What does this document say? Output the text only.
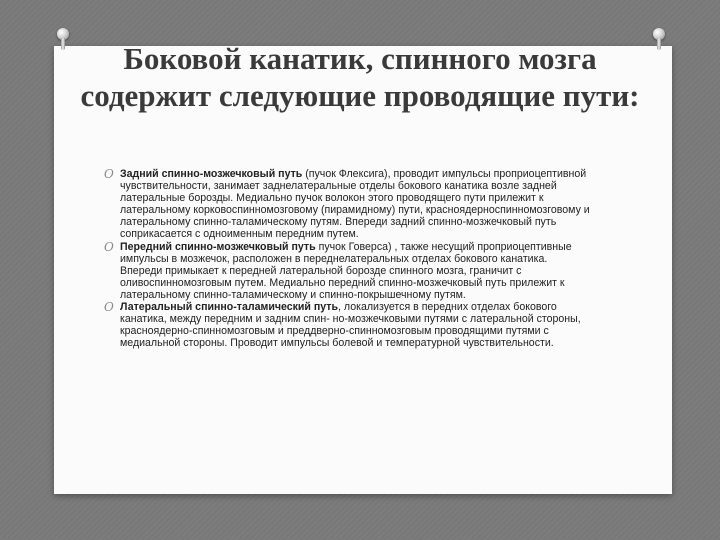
Боковой канатик, спинного мозга содержит следующие проводящие пути:
O Задний спинно-мозжечковый путь (пучок Флексига), проводит импульсы проприоцептивной чувствительности, занимает заднелатеральные отделы бокового канатика возле задней латеральные борозды. Медиально пучок волокон этого проводящего пути прилежит к латеральному корковоспинномозговому (пирамидному) пути, красноядерноспинномозговому и латеральному спинно-таламическому путям. Впереди задний спинно-мозжечковый путь соприкасается с одноименным передним путем.
O Передний спинно-мозжечковый путь пучок Говерса) , также несущий проприоцептивные импульсы в мозжечок, расположен в переднелатеральных отделах бокового канатика. Впереди примыкает к передней латеральной борозде спинного мозга, граничит с оливоспинномозговым путем. Медиально передний спинно-мозжечковый путь прилежит к латеральному спинно-таламическому и спинно-покрышечному путям.
O Латеральный спинно-таламический путь, локализуется в передних отделах бокового канатика, между передним и задним спин- но-мозжечковыми путями с латеральной стороны, красноядерно-спинномозговым и преддверно-спинномозговым проводящими путями с медиальной стороны. Проводит импульсы болевой и температурной чувствительности.
